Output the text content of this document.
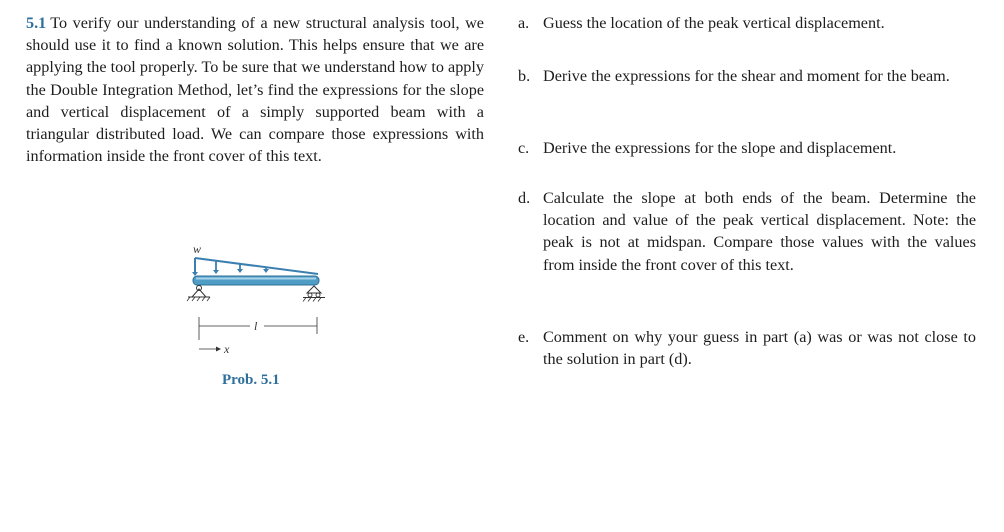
5.1 To verify our understanding of a new structural analysis tool, we should use it to find a known solution. This helps ensure that we are applying the tool properly. To be sure that we understand how to apply the Double Integration Method, let’s find the expressions for the slope and vertical displacement of a simply supported beam with a triangular distributed load. We can compare those expressions with information inside the front cover of this text.
w
l
x
Prob. 5.1
a. Guess the location of the peak vertical displacement.
b. Derive the expressions for the shear and moment for the beam.
c. Derive the expressions for the slope and displacement.
d. Calculate the slope at both ends of the beam. Determine the location and value of the peak vertical displacement. Note: the peak is not at midspan. Compare those values with the values from inside the front cover of this text.
e. Comment on why your guess in part (a) was or was not close to the solution in part (d).
